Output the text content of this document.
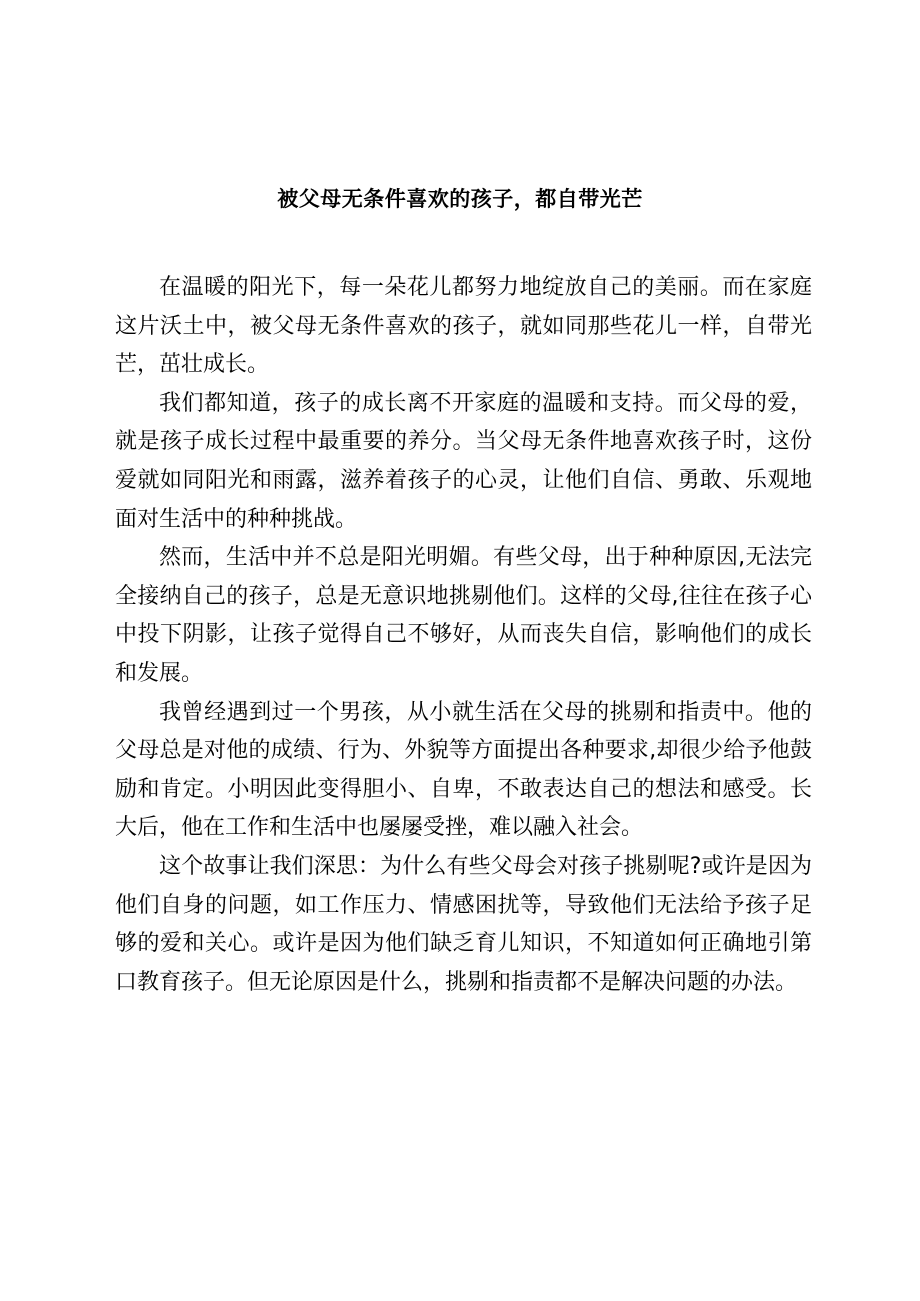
被父母无条件喜欢的孩子，都自带光芒

在温暖的阳光下，每一朵花儿都努力地绽放自己的美丽。而在家庭这片沃土中，被父母无条件喜欢的孩子，就如同那些花儿一样，自带光芒，茁壮成长。

我们都知道，孩子的成长离不开家庭的温暖和支持。而父母的爱，就是孩子成长过程中最重要的养分。当父母无条件地喜欢孩子时，这份爱就如同阳光和雨露，滋养着孩子的心灵，让他们自信、勇敢、乐观地面对生活中的种种挑战。

然而，生活中并不总是阳光明媚。有些父母，出于种种原因,无法完全接纳自己的孩子，总是无意识地挑剔他们。这样的父母,往往在孩子心中投下阴影，让孩子觉得自己不够好，从而丧失自信，影响他们的成长和发展。

我曾经遇到过一个男孩，从小就生活在父母的挑剔和指责中。他的父母总是对他的成绩、行为、外貌等方面提出各种要求,却很少给予他鼓励和肯定。小明因此变得胆小、自卑，不敢表达自己的想法和感受。长大后，他在工作和生活中也屡屡受挫，难以融入社会。

这个故事让我们深思：为什么有些父母会对孩子挑剔呢?或许是因为他们自身的问题，如工作压力、情感困扰等，导致他们无法给予孩子足够的爱和关心。或许是因为他们缺乏育儿知识，不知道如何正确地引第口教育孩子。但无论原因是什么，挑剔和指责都不是解决问题的办法。
